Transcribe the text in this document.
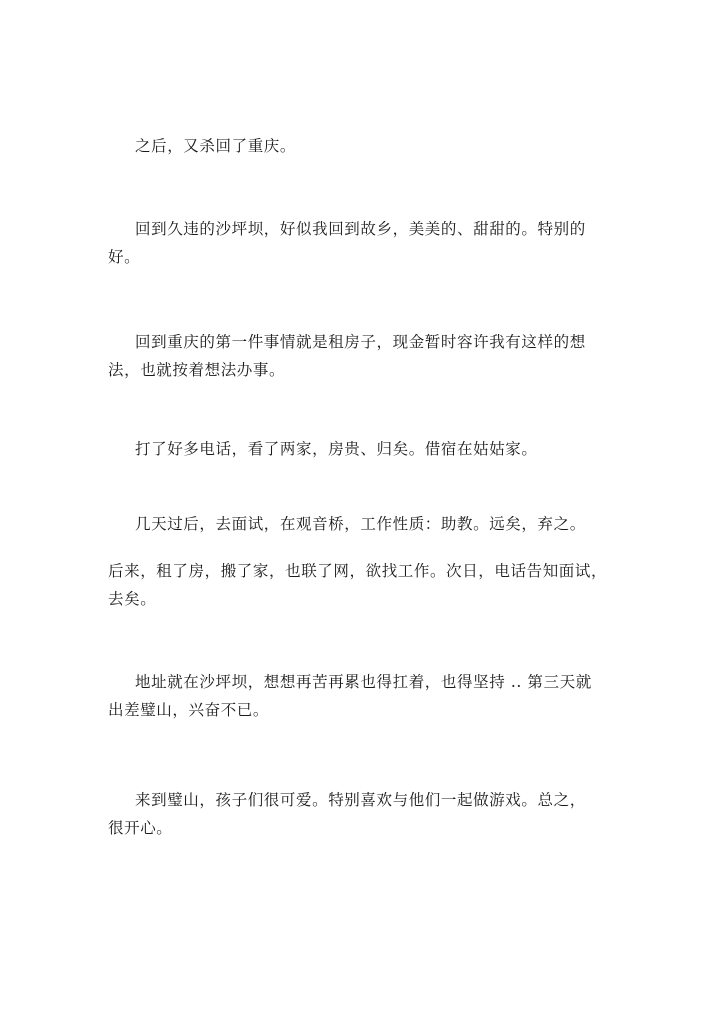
之后，又杀回了重庆。
回到久违的沙坪坝，好似我回到故乡，美美的、甜甜的。特别的
好。
回到重庆的第一件事情就是租房子，现金暂时容许我有这样的想
法，也就按着想法办事。
打了好多电话，看了两家，房贵、归矣。借宿在姑姑家。
几天过后，去面试，在观音桥，工作性质：助教。远矣，弃之。
后来，租了房，搬了家，也联了网，欲找工作。次日，电话告知面试，
去矣。
地址就在沙坪坝，想想再苦再累也得扛着，也得坚持 .. 第三天就
出差璧山，兴奋不已。
来到璧山，孩子们很可爱。特别喜欢与他们一起做游戏。总之，
很开心。
